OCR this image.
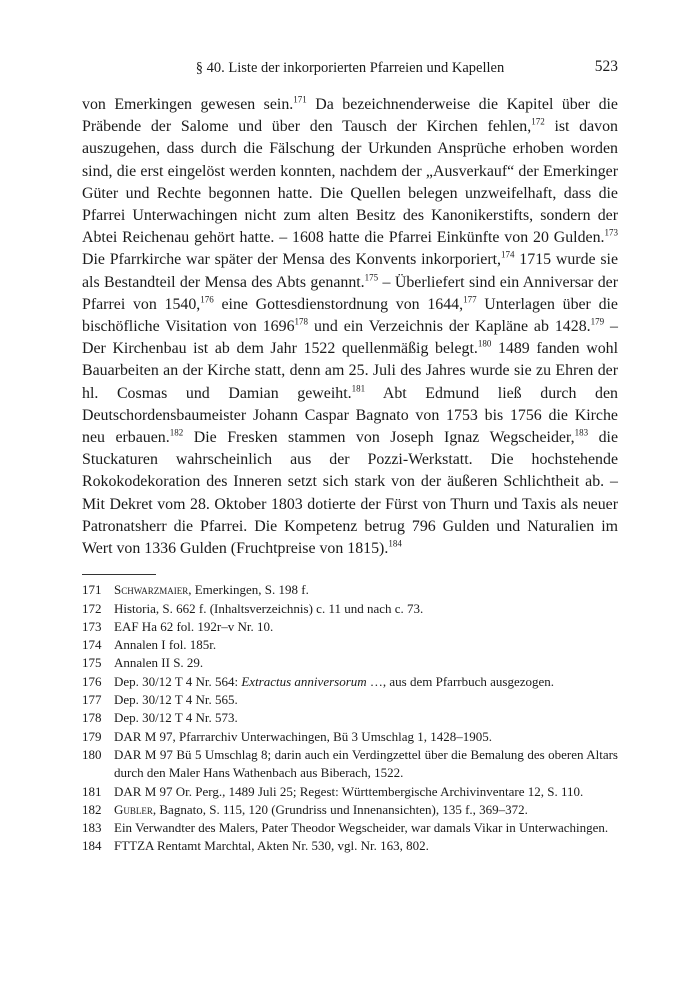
§ 40. Liste der inkorporierten Pfarreien und Kapellen	523
von Emerkingen gewesen sein.$^{171}$ Da bezeichnenderweise die Kapitel über die Präbende der Salome und über den Tausch der Kirchen fehlen,$^{172}$ ist davon auszugehen, dass durch die Fälschung der Urkunden Ansprüche erhoben worden sind, die erst eingelöst werden konnten, nachdem der „Ausverkauf“ der Emerkinger Güter und Rechte begonnen hatte. Die Quellen belegen unzweifelhaft, dass die Pfarrei Unterwachingen nicht zum alten Besitz des Kanonikerstifts, sondern der Abtei Reichenau gehört hatte. – 1608 hatte die Pfarrei Einkünfte von 20 Gulden.$^{173}$ Die Pfarrkirche war später der Mensa des Konvents inkorporiert,$^{174}$ 1715 wurde sie als Bestandteil der Mensa des Abts genannt.$^{175}$ – Überliefert sind ein Anniversar der Pfarrei von 1540,$^{176}$ eine Gottesdienstordnung von 1644,$^{177}$ Unterlagen über die bischöfliche Visitation von 1696$^{178}$ und ein Verzeichnis der Kapläne ab 1428.$^{179}$ – Der Kirchenbau ist ab dem Jahr 1522 quellenmäßig belegt.$^{180}$ 1489 fanden wohl Bauarbeiten an der Kirche statt, denn am 25. Juli des Jahres wurde sie zu Ehren der hl. Cosmas und Damian geweiht.$^{181}$ Abt Edmund ließ durch den Deutschordensbaumeister Johann Caspar Bagnato von 1753 bis 1756 die Kirche neu erbauen.$^{182}$ Die Fresken stammen von Joseph Ignaz Wegscheider,$^{183}$ die Stuckaturen wahrscheinlich aus der Pozzi-Werkstatt. Die hochstehende Rokokodekoration des Inneren setzt sich stark von der äußeren Schlichtheit ab. – Mit Dekret vom 28. Oktober 1803 dotierte der Fürst von Thurn und Taxis als neuer Patronatsherr die Pfarrei. Die Kompetenz betrug 796 Gulden und Naturalien im Wert von 1336 Gulden (Fruchtpreise von 1815).$^{184}$
171 Schwarzmaier, Emerkingen, S. 198 f.
172 Historia, S. 662 f. (Inhaltsverzeichnis) c. 11 und nach c. 73.
173 EAF Ha 62 fol. 192r–v Nr. 10.
174 Annalen I fol. 185r.
175 Annalen II S. 29.
176 Dep. 30/12 T 4 Nr. 564: Extractus anniversorum …, aus dem Pfarrbuch ausgezogen.
177 Dep. 30/12 T 4 Nr. 565.
178 Dep. 30/12 T 4 Nr. 573.
179 DAR M 97, Pfarrarchiv Unterwachingen, Bü 3 Umschlag 1, 1428–1905.
180 DAR M 97 Bü 5 Umschlag 8; darin auch ein Verdingzettel über die Bemalung des oberen Altars durch den Maler Hans Wathenbach aus Biberach, 1522.
181 DAR M 97 Or. Perg., 1489 Juli 25; Regest: Württembergische Archivinventare 12, S. 110.
182 Gubler, Bagnato, S. 115, 120 (Grundriss und Innenansichten), 135 f., 369–372.
183 Ein Verwandter des Malers, Pater Theodor Wegscheider, war damals Vikar in Unterwachingen.
184 FTTZA Rentamt Marchtal, Akten Nr. 530, vgl. Nr. 163, 802.
